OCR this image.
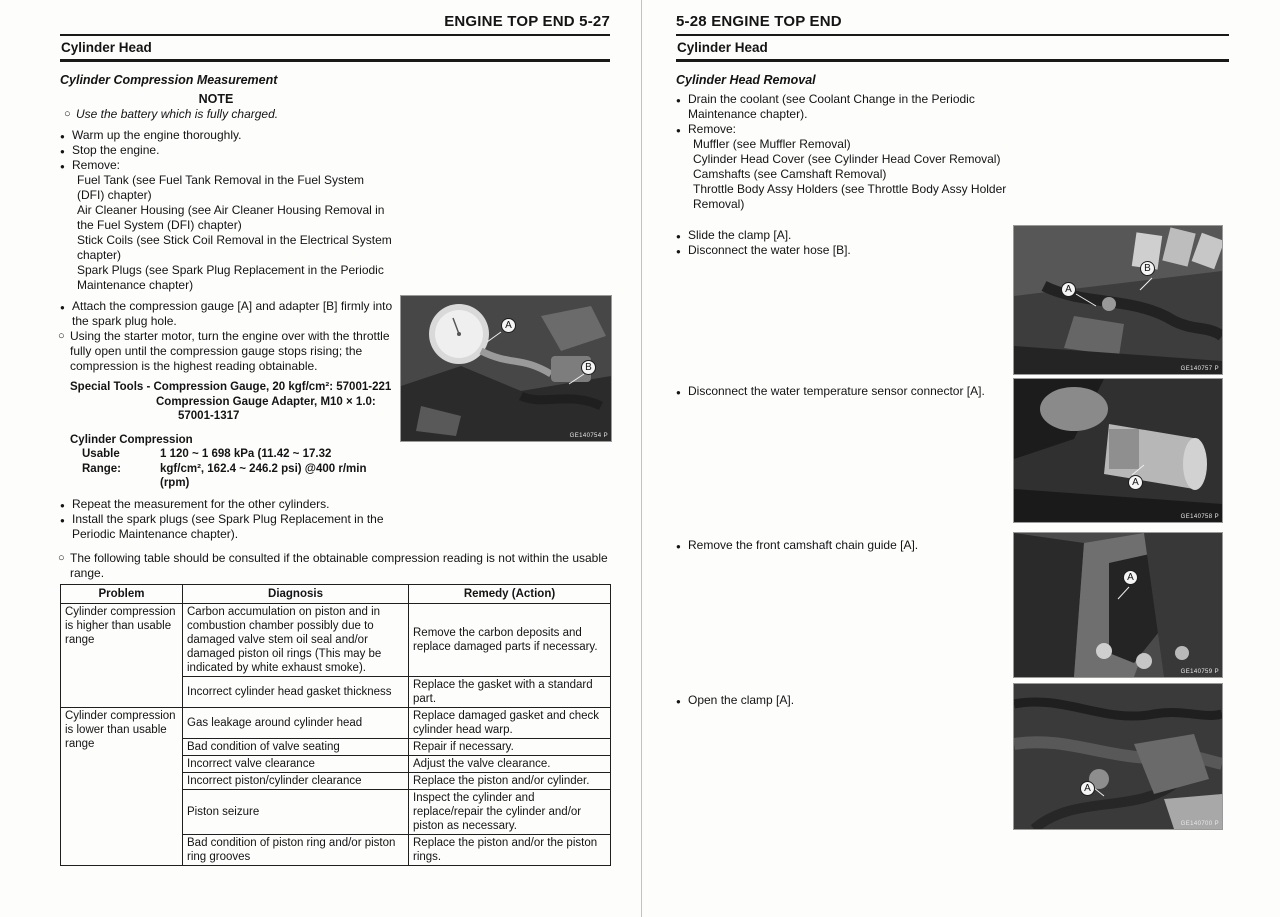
ENGINE TOP END 5-27
Cylinder Head
Cylinder Compression Measurement
NOTE
○ Use the battery which is fully charged.
● Warm up the engine thoroughly.
● Stop the engine.
● Remove:
Fuel Tank (see Fuel Tank Removal in the Fuel System (DFI) chapter)
Air Cleaner Housing (see Air Cleaner Housing Removal in the Fuel System (DFI) chapter)
Stick Coils (see Stick Coil Removal in the Electrical System chapter)
Spark Plugs (see Spark Plug Replacement in the Periodic Maintenance chapter)
● Attach the compression gauge [A] and adapter [B] firmly into the spark plug hole.
○ Using the starter motor, turn the engine over with the throttle fully open until the compression gauge stops rising; the compression is the highest reading obtainable.
Special Tools - Compression Gauge, 20 kgf/cm²: 57001-221
Compression Gauge Adapter, M10 × 1.0:
57001-1317
Cylinder Compression
Usable Range:
1 120 ~ 1 698 kPa (11.42 ~ 17.32 kgf/cm², 162.4 ~ 246.2 psi) @400 r/min (rpm)
● Repeat the measurement for the other cylinders.
● Install the spark plugs (see Spark Plug Replacement in the Periodic Maintenance chapter).
○ The following table should be consulted if the obtainable compression reading is not within the usable range.
Problem	Diagnosis	Remedy (Action)
Cylinder compression is higher than usable range	Carbon accumulation on piston and in combustion chamber possibly due to damaged valve stem oil seal and/or damaged piston oil rings (This may be indicated by white exhaust smoke).	Remove the carbon deposits and replace damaged parts if necessary.
	Incorrect cylinder head gasket thickness	Replace the gasket with a standard part.
Cylinder compression is lower than usable range	Gas leakage around cylinder head	Replace damaged gasket and check cylinder head warp.
	Bad condition of valve seating	Repair if necessary.
	Incorrect valve clearance	Adjust the valve clearance.
	Incorrect piston/cylinder clearance	Replace the piston and/or cylinder.
	Piston seizure	Inspect the cylinder and replace/repair the cylinder and/or piston as necessary.
	Bad condition of piston ring and/or piston ring grooves	Replace the piston and/or the piston rings.
A
B
GE140754 P
5-28 ENGINE TOP END
Cylinder Head
Cylinder Head Removal
● Drain the coolant (see Coolant Change in the Periodic Maintenance chapter).
● Remove:
Muffler (see Muffler Removal)
Cylinder Head Cover (see Cylinder Head Cover Removal)
Camshafts (see Camshaft Removal)
Throttle Body Assy Holders (see Throttle Body Assy Holder Removal)
● Slide the clamp [A].
● Disconnect the water hose [B].
● Disconnect the water temperature sensor connector [A].
● Remove the front camshaft chain guide [A].
● Open the clamp [A].
A
B
GE140757 P
A
GE140758 P
A
GE140759 P
A
GE140700 P
